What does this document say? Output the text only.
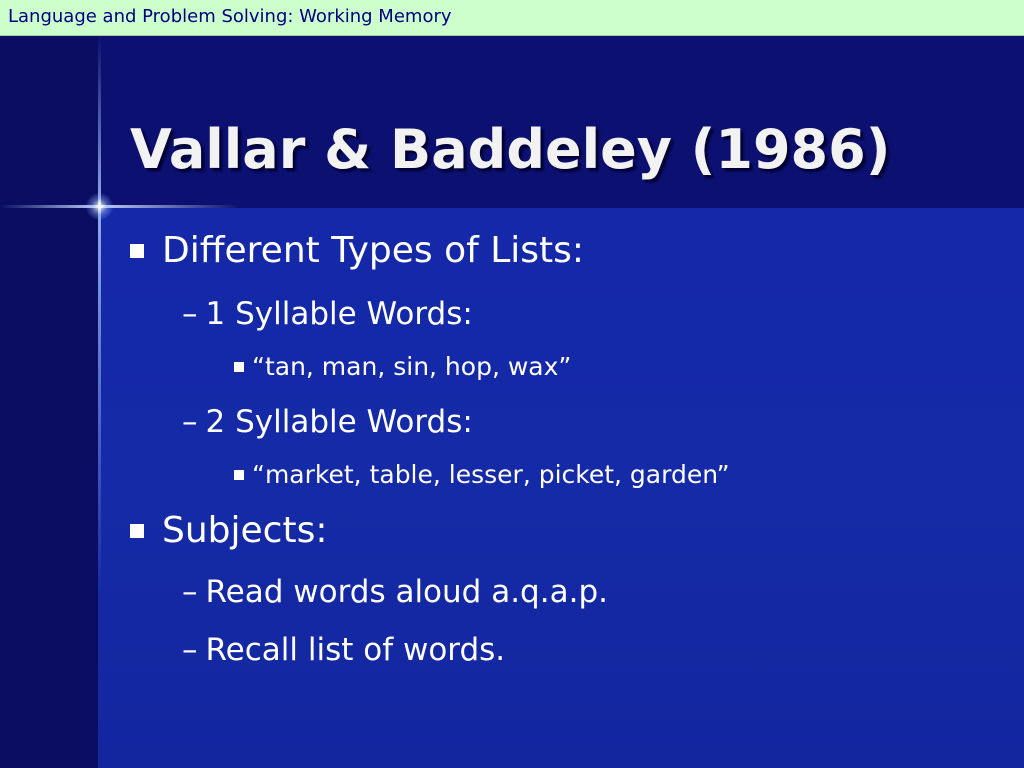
Language and Problem Solving: Working Memory
Vallar & Baddeley (1986)
Different Types of Lists:
– 1 Syllable Words:
“tan, man, sin, hop, wax”
– 2 Syllable Words:
“market, table, lesser, picket, garden”
Subjects:
– Read words aloud a.q.a.p.
– Recall list of words.
